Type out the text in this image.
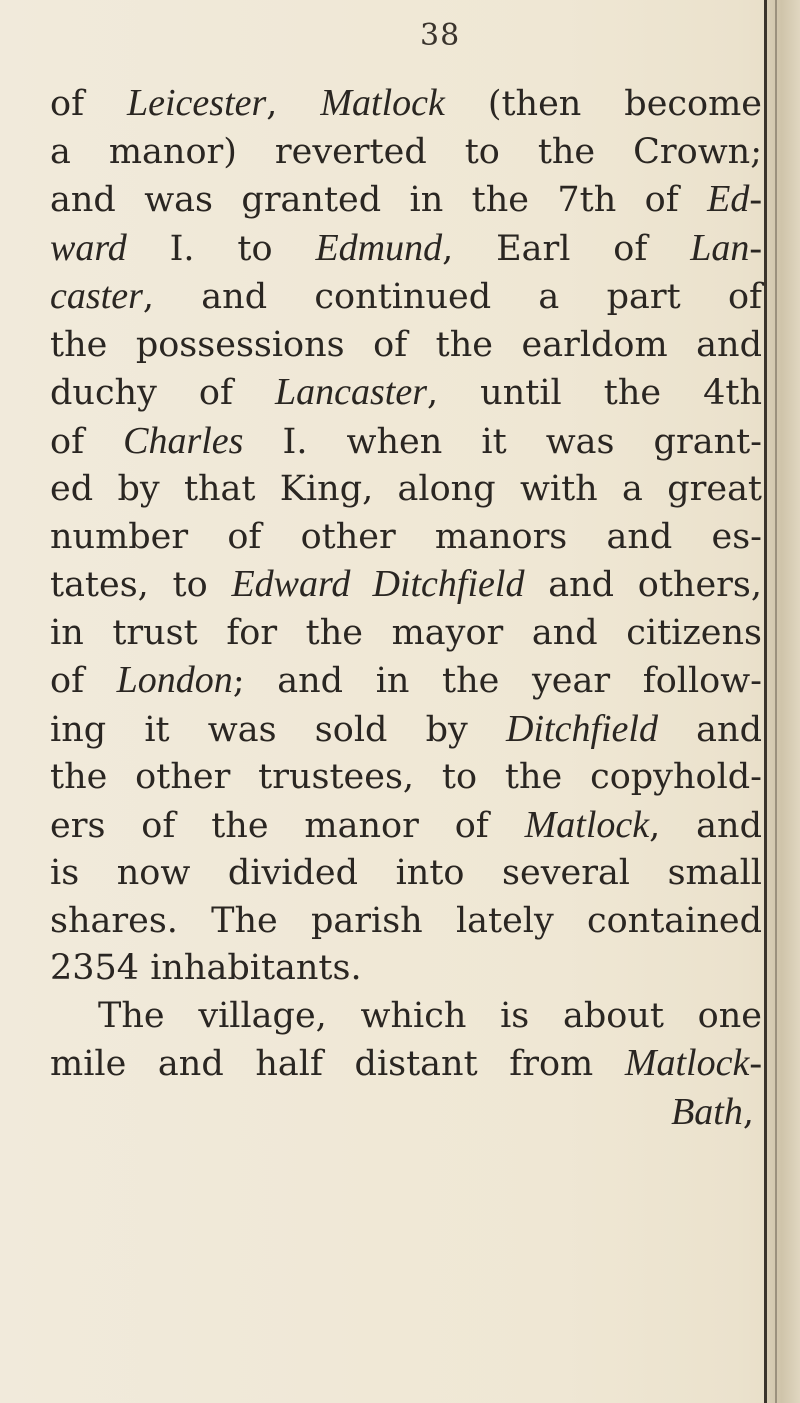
38
of Leicester, Matlock (then become
a manor) reverted to the Crown;
and was granted in the 7th of Ed-
ward I. to Edmund, Earl of Lan-
caster, and continued a part of
the possessions of the earldom and
duchy of Lancaster, until the 4th
of Charles I. when it was grant-
ed by that King, along with a great
number of other manors and es-
tates, to Edward Ditchfield and others,
in trust for the mayor and citizens
of London; and in the year follow-
ing it was sold by Ditchfield and
the other trustees, to the copyhold-
ers of the manor of Matlock, and
is now divided into several small
shares. The parish lately contained
2354 inhabitants.
The village, which is about one
mile and half distant from Matlock-
Bath,
